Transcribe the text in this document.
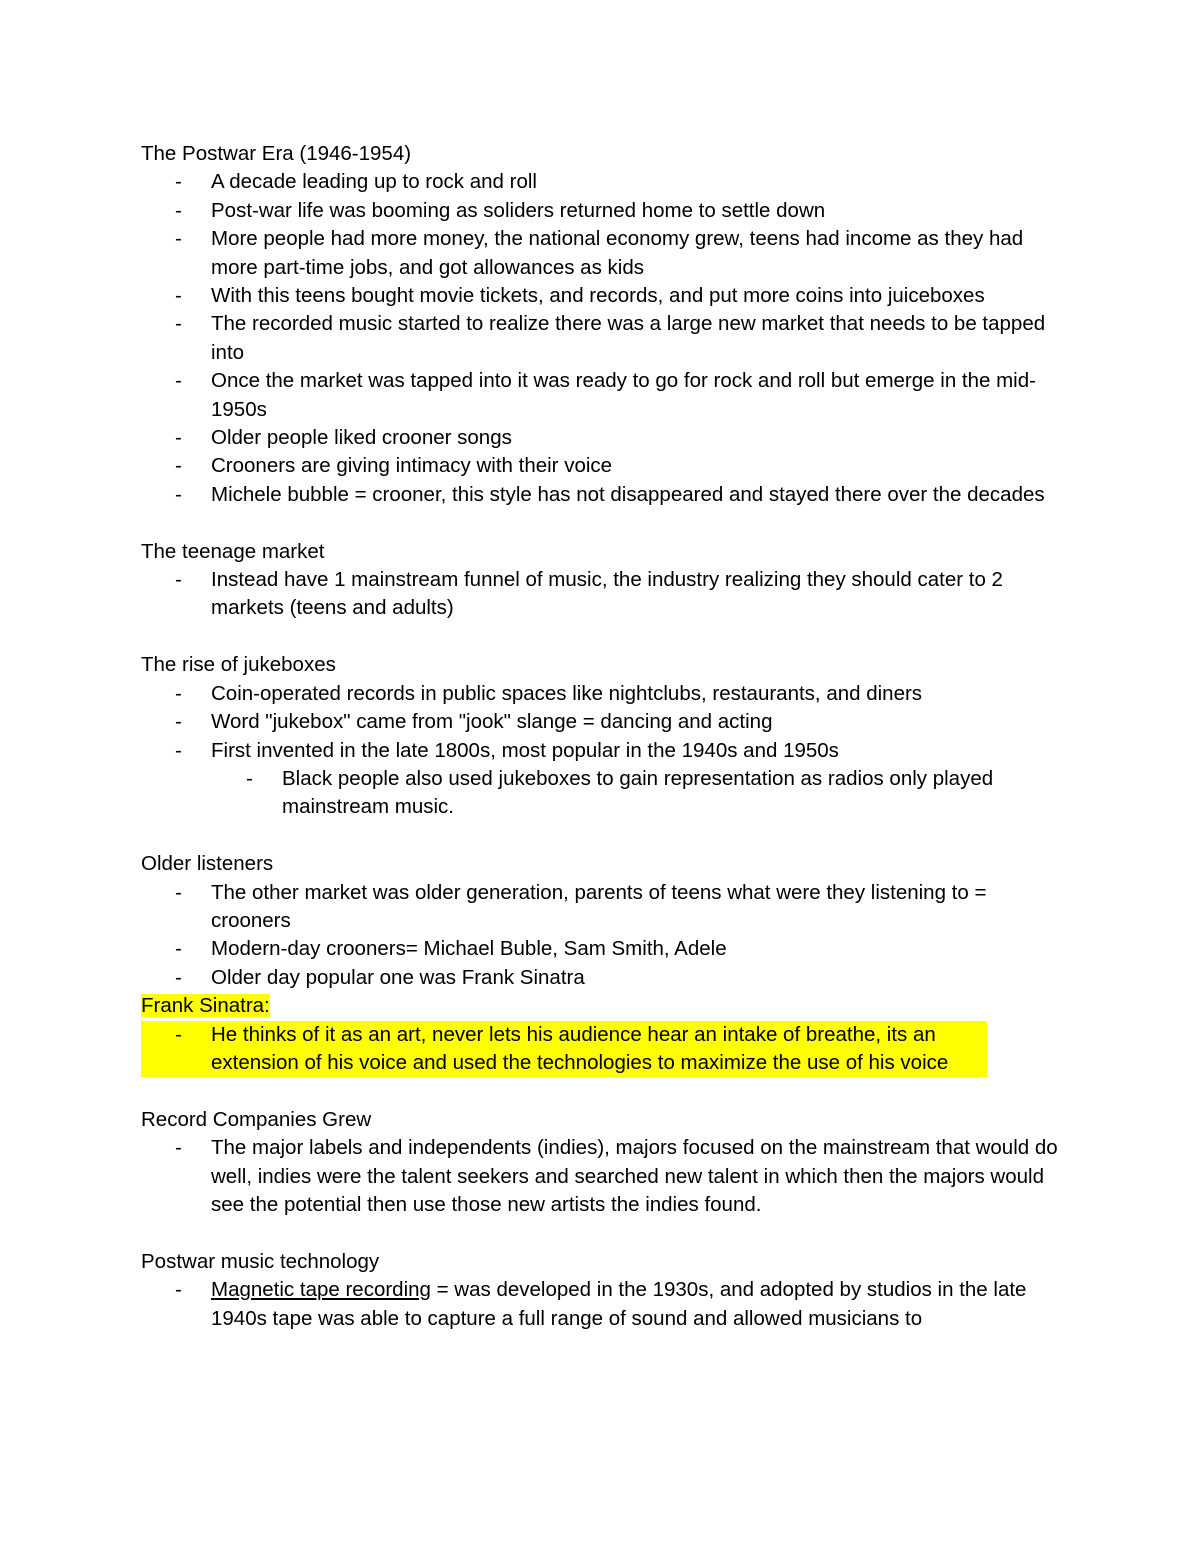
The Postwar Era (1946-1954)

- A decade leading up to rock and roll
- Post-war life was booming as soliders returned home to settle down
- More people had more money, the national economy grew, teens had income as they had more part-time jobs, and got allowances as kids
- With this teens bought movie tickets, and records, and put more coins into juiceboxes
- The recorded music started to realize there was a large new market that needs to be tapped into
- Once the market was tapped into it was ready to go for rock and roll but emerge in the mid-1950s
- Older people liked crooner songs
- Crooners are giving intimacy with their voice
- Michele bubble = crooner, this style has not disappeared and stayed there over the decades

The teenage market

- Instead have 1 mainstream funnel of music, the industry realizing they should cater to 2 markets (teens and adults)

The rise of jukeboxes

- Coin-operated records in public spaces like nightclubs, restaurants, and diners
- Word "jukebox" came from "jook" slange = dancing and acting
- First invented in the late 1800s, most popular in the 1940s and 1950s
- Black people also used jukeboxes to gain representation as radios only played mainstream music.

Older listeners

- The other market was older generation, parents of teens what were they listening to = crooners
- Modern-day crooners= Michael Buble, Sam Smith, Adele
- Older day popular one was Frank Sinatra

Frank Sinatra:

- He thinks of it as an art, never lets his audience hear an intake of breathe, its an extension of his voice and used the technologies to maximize the use of his voice

Record Companies Grew

- The major labels and independents (indies), majors focused on the mainstream that would do well, indies were the talent seekers and searched new talent in which then the majors would see the potential then use those new artists the indies found.

Postwar music technology

- Magnetic tape recording = was developed in the 1930s, and adopted by studios in the late 1940s tape was able to capture a full range of sound and allowed musicians to
